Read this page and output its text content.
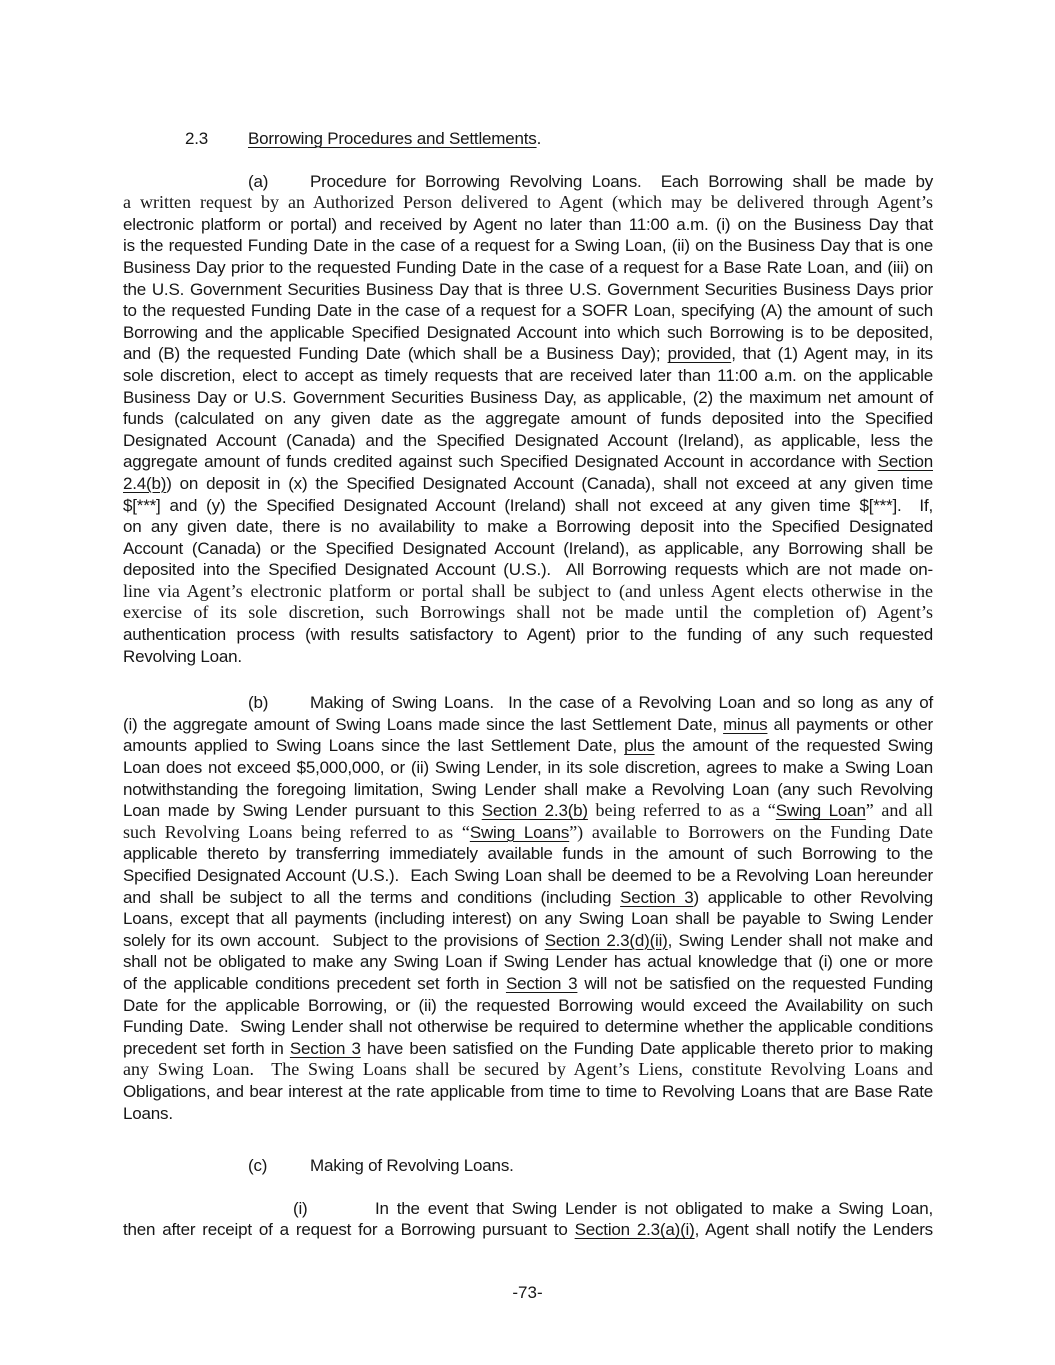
2.3 Borrowing Procedures and Settlements.
(a) Procedure for Borrowing Revolving Loans.  Each Borrowing shall be made by
a written request by an Authorized Person delivered to Agent (which may be delivered through Agent’s
electronic platform or portal) and received by Agent no later than 11:00 a.m. (i) on the Business Day that
is the requested Funding Date in the case of a request for a Swing Loan, (ii) on the Business Day that is one
Business Day prior to the requested Funding Date in the case of a request for a Base Rate Loan, and (iii) on
the U.S. Government Securities Business Day that is three U.S. Government Securities Business Days prior
to the requested Funding Date in the case of a request for a SOFR Loan, specifying (A) the amount of such
Borrowing and the applicable Specified Designated Account into which such Borrowing is to be deposited,
and (B) the requested Funding Date (which shall be a Business Day); provided, that (1) Agent may, in its
sole discretion, elect to accept as timely requests that are received later than 11:00 a.m. on the applicable
Business Day or U.S. Government Securities Business Day, as applicable, (2) the maximum net amount of
funds (calculated on any given date as the aggregate amount of funds deposited into the Specified
Designated Account (Canada) and the Specified Designated Account (Ireland), as applicable, less the
aggregate amount of funds credited against such Specified Designated Account in accordance with Section
2.4(b)) on deposit in (x) the Specified Designated Account (Canada), shall not exceed at any given time
$[***] and (y) the Specified Designated Account (Ireland) shall not exceed at any given time $[***].  If,
on any given date, there is no availability to make a Borrowing deposit into the Specified Designated
Account (Canada) or the Specified Designated Account (Ireland), as applicable, any Borrowing shall be
deposited into the Specified Designated Account (U.S.).  All Borrowing requests which are not made on-
line via Agent’s electronic platform or portal shall be subject to (and unless Agent elects otherwise in the
exercise of its sole discretion, such Borrowings shall not be made until the completion of) Agent’s
authentication process (with results satisfactory to Agent) prior to the funding of any such requested
Revolving Loan.
(b) Making of Swing Loans.  In the case of a Revolving Loan and so long as any of
(i) the aggregate amount of Swing Loans made since the last Settlement Date, minus all payments or other
amounts applied to Swing Loans since the last Settlement Date, plus the amount of the requested Swing
Loan does not exceed $5,000,000, or (ii) Swing Lender, in its sole discretion, agrees to make a Swing Loan
notwithstanding the foregoing limitation, Swing Lender shall make a Revolving Loan (any such Revolving
Loan made by Swing Lender pursuant to this Section 2.3(b) being referred to as a “Swing Loan” and all
such Revolving Loans being referred to as “Swing Loans”) available to Borrowers on the Funding Date
applicable thereto by transferring immediately available funds in the amount of such Borrowing to the
Specified Designated Account (U.S.).  Each Swing Loan shall be deemed to be a Revolving Loan hereunder
and shall be subject to all the terms and conditions (including Section 3) applicable to other Revolving
Loans, except that all payments (including interest) on any Swing Loan shall be payable to Swing Lender
solely for its own account.  Subject to the provisions of Section 2.3(d)(ii), Swing Lender shall not make and
shall not be obligated to make any Swing Loan if Swing Lender has actual knowledge that (i) one or more
of the applicable conditions precedent set forth in Section 3 will not be satisfied on the requested Funding
Date for the applicable Borrowing, or (ii) the requested Borrowing would exceed the Availability on such
Funding Date.  Swing Lender shall not otherwise be required to determine whether the applicable conditions
precedent set forth in Section 3 have been satisfied on the Funding Date applicable thereto prior to making
any Swing Loan.  The Swing Loans shall be secured by Agent’s Liens, constitute Revolving Loans and
Obligations, and bear interest at the rate applicable from time to time to Revolving Loans that are Base Rate
Loans.
(c)	Making of Revolving Loans.
(i)	In the event that Swing Lender is not obligated to make a Swing Loan,
then after receipt of a request for a Borrowing pursuant to Section 2.3(a)(i), Agent shall notify the Lenders
-73-
